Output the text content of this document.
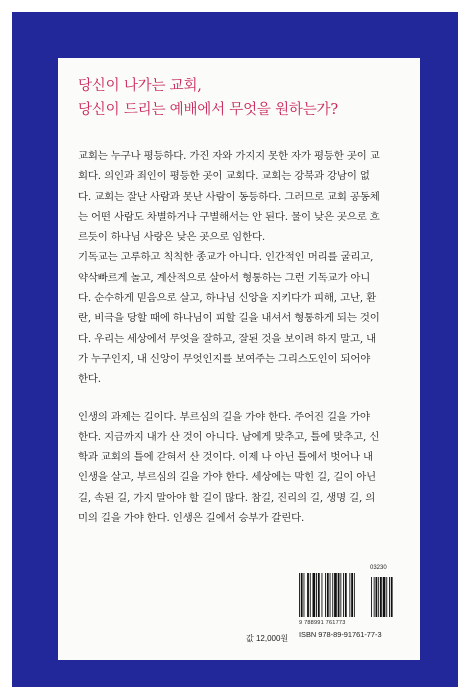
당신이 나가는 교회,
당신이 드리는 예배에서 무엇을 원하는가?

교회는 누구나 평등하다. 가진 자와 가지지 못한 자가 평등한 곳이 교
회다. 의인과 죄인이 평등한 곳이 교회다. 교회는 강북과 강남이 없
다. 교회는 잘난 사람과 못난 사람이 동등하다. 그러므로 교회 공동체
는 어떤 사람도 차별하거나 구별해서는 안 된다. 물이 낮은 곳으로 흐
르듯이 하나님 사랑은 낮은 곳으로 임한다.

기독교는 고루하고 칙칙한 종교가 아니다. 인간적인 머리를 굴리고,
약삭빠르게 놀고, 계산적으로 살아서 형통하는 그런 기독교가 아니
다. 순수하게 믿음으로 살고, 하나님 신앙을 지키다가 피해, 고난, 환
란, 비극을 당할 때에 하나님이 피할 길을 내셔서 형통하게 되는 것이
다. 우리는 세상에서 무엇을 잘하고, 잘된 것을 보이려 하지 말고, 내
가 누구인지, 내 신앙이 무엇인지를 보여주는 그리스도인이 되어야
한다.

인생의 과제는 길이다. 부르심의 길을 가야 한다. 주어진 길을 가야
한다. 지금까지 내가 산 것이 아니다. 남에게 맞추고, 틀에 맞추고, 신
학과 교회의 틀에 갇혀서 산 것이다. 이제 나 아닌 틀에서 벗어나 내
인생을 살고, 부르심의 길을 가야 한다. 세상에는 막힌 길, 길이 아닌
길, 속된 길, 가지 말아야 할 길이 많다. 참길, 진리의 길, 생명 길, 의
미의 길을 가야 한다. 인생은 길에서 승부가 갈린다.

03230
9 788991 761773
값 12,000원 ISBN 978-89-91761-77-3
